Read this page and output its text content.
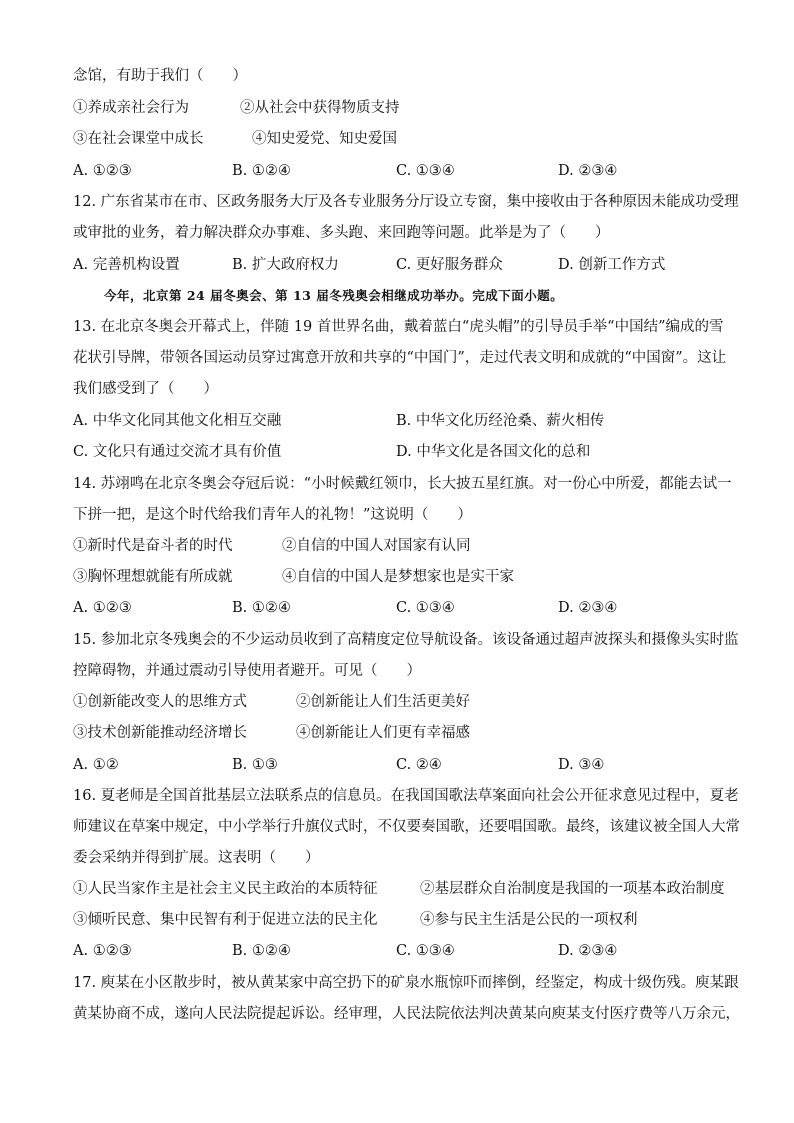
念馆，有助于我们（　　）
①养成亲社会行为	②从社会中获得物质支持
③在社会课堂中成长	④知史爱党、知史爱国
A. ①②③	B. ①②④	C. ①③④	D. ②③④
12. 广东省某市在市、区政务服务大厅及各专业服务分厅设立专窗，集中接收由于各种原因未能成功受理
或审批的业务，着力解决群众办事难、多头跑、来回跑等问题。此举是为了（　　）
A. 完善机构设置	B. 扩大政府权力	C. 更好服务群众	D. 创新工作方式
今年，北京第 24 届冬奥会、第 13 届冬残奥会相继成功举办。完成下面小题。
13. 在北京冬奥会开幕式上，伴随 19 首世界名曲，戴着蓝白“虎头帽”的引导员手举“中国结”编成的雪
花状引导牌，带领各国运动员穿过寓意开放和共享的“中国门”，走过代表文明和成就的“中国窗”。这让
我们感受到了（　　）
A. 中华文化同其他文化相互交融	B. 中华文化历经沧桑、薪火相传
C. 文化只有通过交流才具有价值	D. 中华文化是各国文化的总和
14. 苏翊鸣在北京冬奥会夺冠后说：“小时候戴红领巾，长大披五星红旗。对一份心中所爱，都能去试一
下拼一把，是这个时代给我们青年人的礼物！”这说明（　　）
①新时代是奋斗者的时代	②自信的中国人对国家有认同
③胸怀理想就能有所成就	④自信的中国人是梦想家也是实干家
A. ①②③	B. ①②④	C. ①③④	D. ②③④
15. 参加北京冬残奥会的不少运动员收到了高精度定位导航设备。该设备通过超声波探头和摄像头实时监
控障碍物，并通过震动引导使用者避开。可见（　　）
①创新能改变人的思维方式	②创新能让人们生活更美好
③技术创新能推动经济增长	④创新能让人们更有幸福感
A. ①②	B. ①③	C. ②④	D. ③④
16. 夏老师是全国首批基层立法联系点的信息员。在我国国歌法草案面向社会公开征求意见过程中，夏老
师建议在草案中规定，中小学举行升旗仪式时，不仅要奏国歌，还要唱国歌。最终，该建议被全国人大常
委会采纳并得到扩展。这表明（　　）
①人民当家作主是社会主义民主政治的本质特征	②基层群众自治制度是我国的一项基本政治制度
③倾听民意、集中民智有利于促进立法的民主化	④参与民主生活是公民的一项权利
A. ①②③	B. ①②④	C. ①③④	D. ②③④
17. 庾某在小区散步时，被从黄某家中高空扔下的矿泉水瓶惊吓而摔倒，经鉴定，构成十级伤残。庾某跟
黄某协商不成，遂向人民法院提起诉讼。经审理，人民法院依法判决黄某向庾某支付医疗费等八万余元，
